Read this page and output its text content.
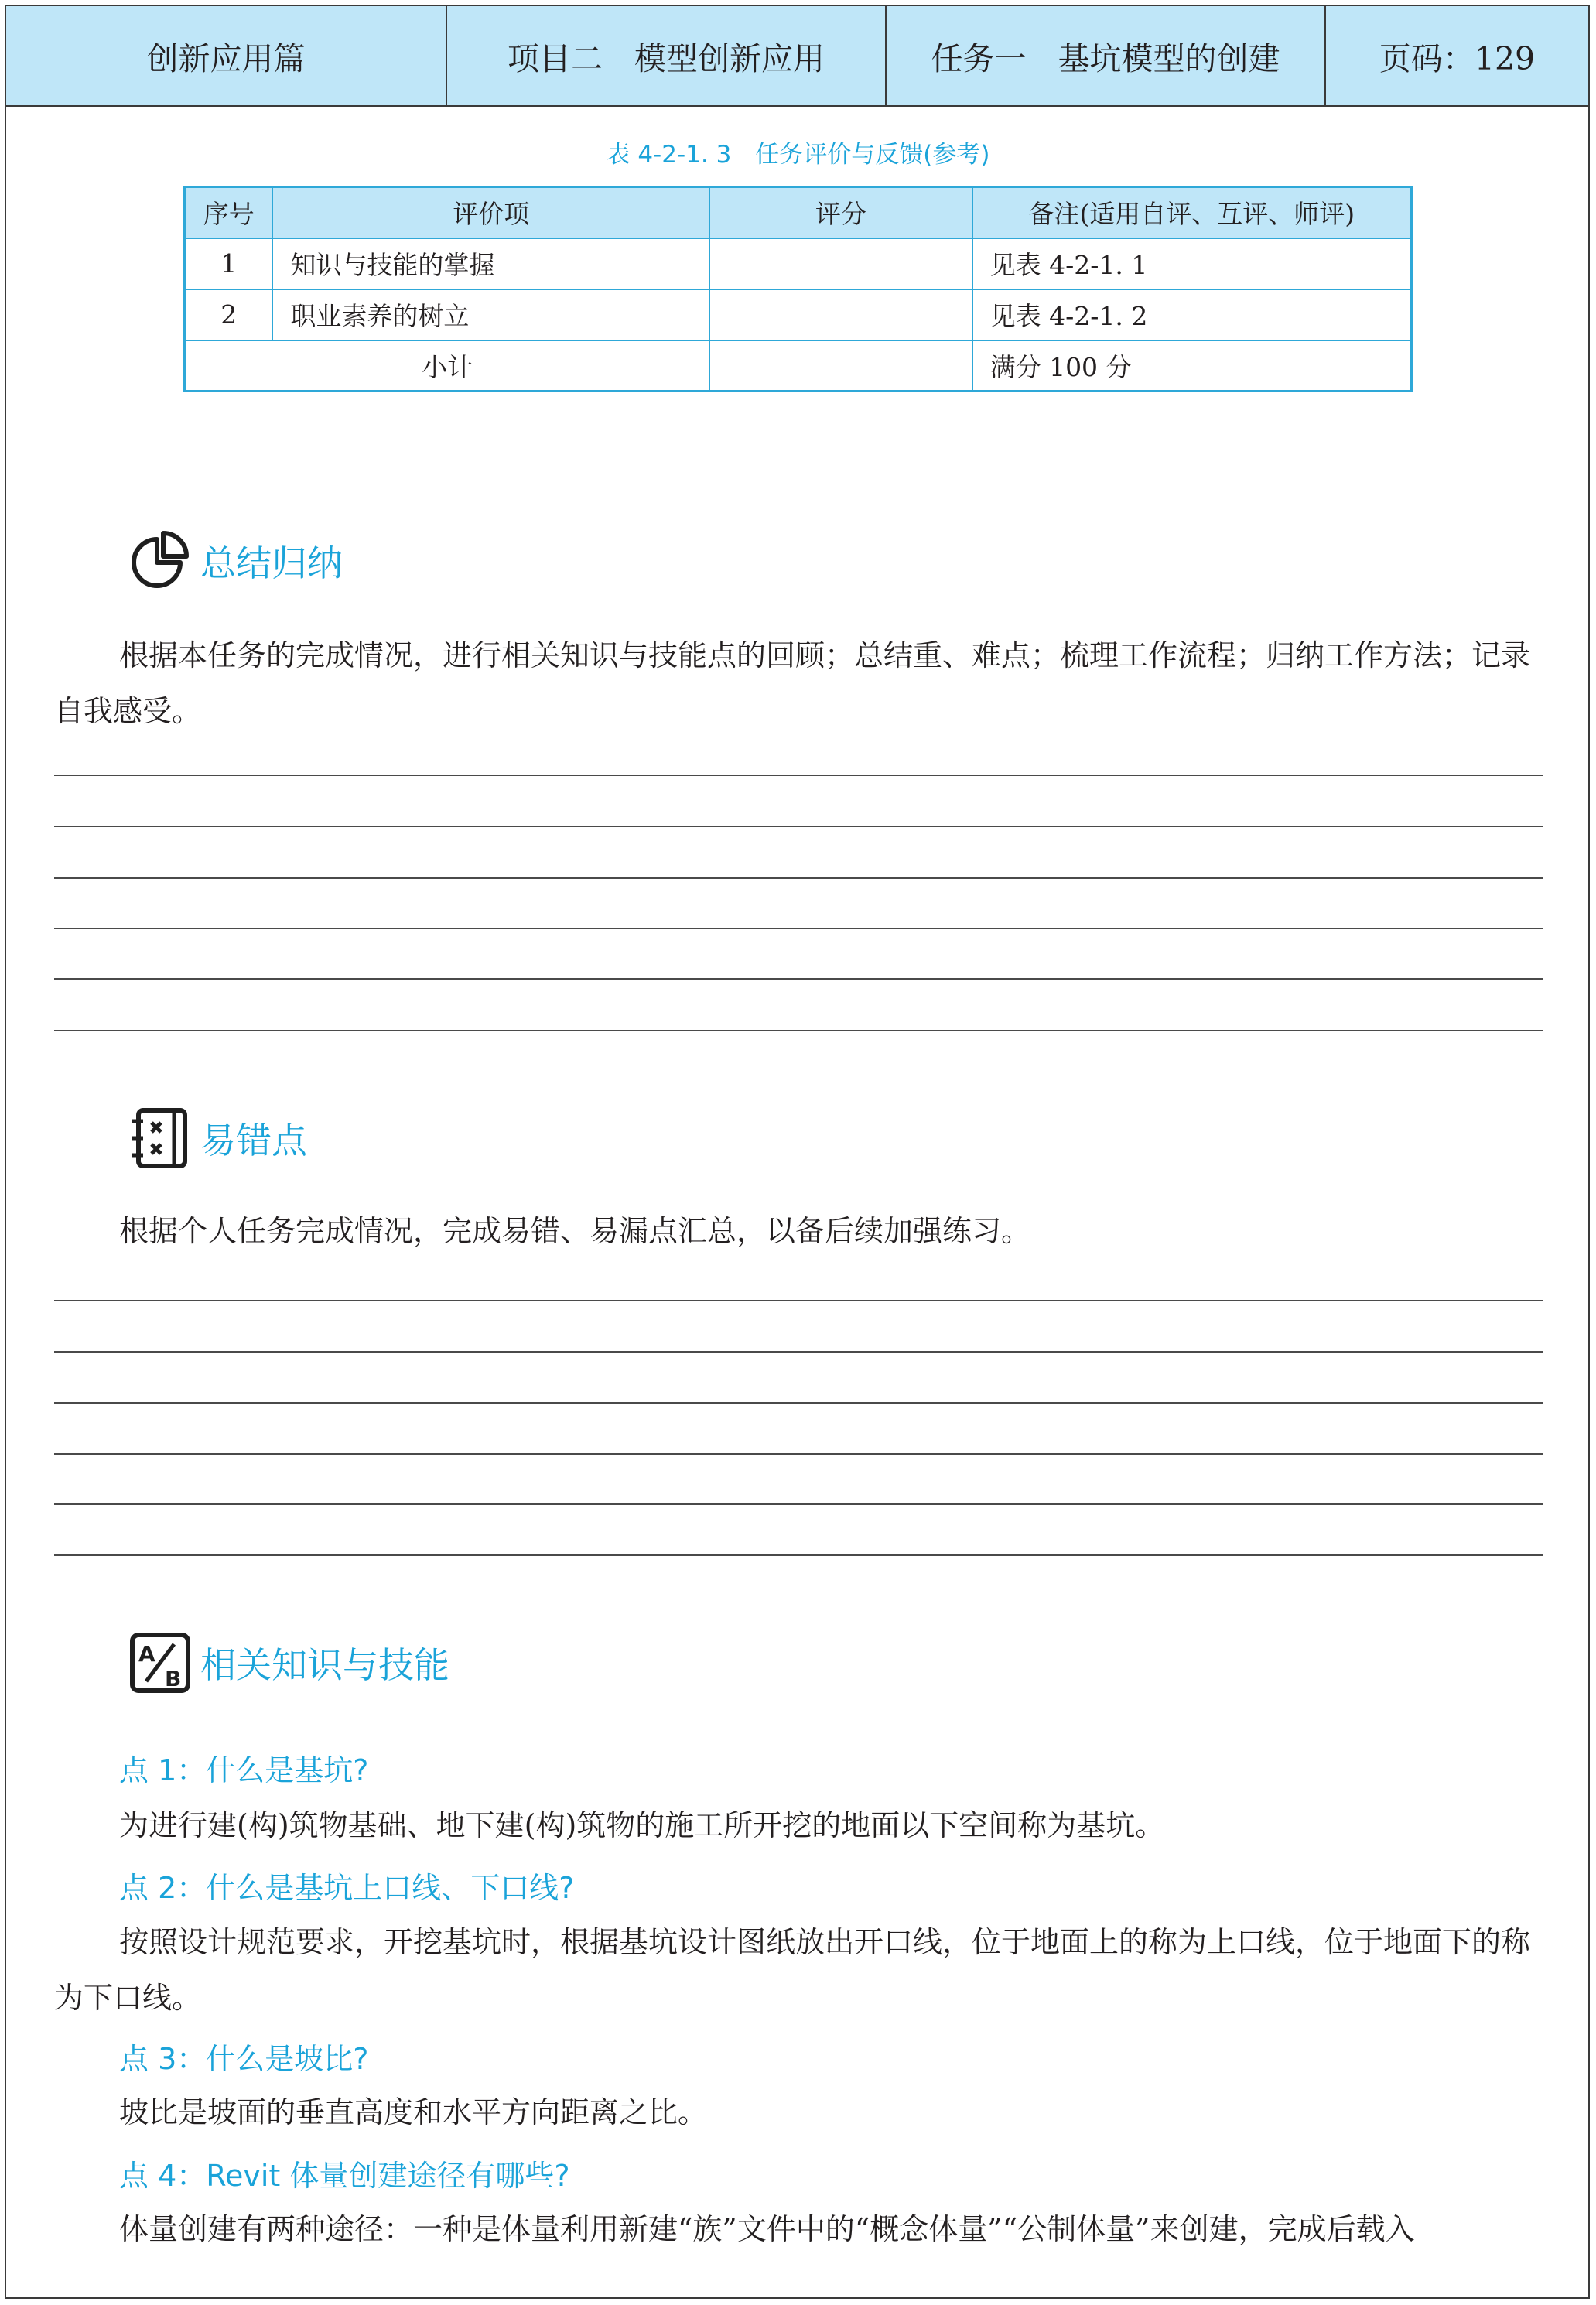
创新应用篇	项目二　模型创新应用	任务一　基坑模型的创建	页码：129
表 4-2-1. 3　任务评价与反馈(参考)
序号	评价项	评分	备注(适用自评、互评、师评)
1	知识与技能的掌握		见表 4-2-1. 1
2	职业素养的树立		见表 4-2-1. 2
小计			满分 100 分
总结归纳

根据本任务的完成情况，进行相关知识与技能点的回顾；总结重、难点；梳理工作流程；归纳工作方法；记录自我感受。

易错点

根据个人任务完成情况，完成易错、易漏点汇总，以备后续加强练习。

A
B 相关知识与技能
点 1：什么是基坑?

为进行建(构)筑物基础、地下建(构)筑物的施工所开挖的地面以下空间称为基坑。

点 2：什么是基坑上口线、下口线?

按照设计规范要求，开挖基坑时，根据基坑设计图纸放出开口线，位于地面上的称为上口线，位于地面下的称为下口线。

点 3：什么是坡比?

坡比是坡面的垂直高度和水平方向距离之比。

点 4：Revit 体量创建途径有哪些?

体量创建有两种途径：一种是体量利用新建“族”文件中的“概念体量”“公制体量”来创建，完成后载入
